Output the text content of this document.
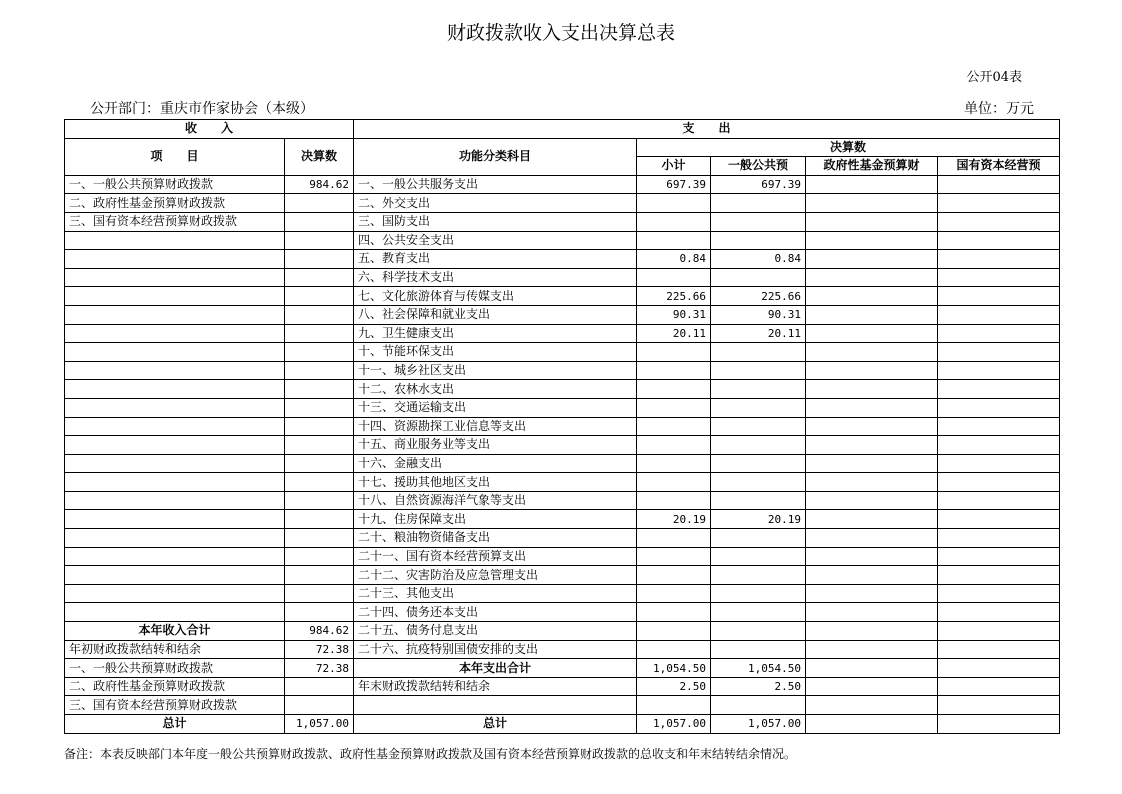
财政拨款收入支出决算总表
公开04表
公开部门：重庆市作家协会（本级）	单位：万元
收　　入		支　　出				
项　　目	决算数	功能分类科目	决算数			
			小计	一般公共预	政府性基金预算财	国有资本经营预
一、一般公共预算财政拨款	984.62	一、一般公共服务支出	697.39	697.39		
二、政府性基金预算财政拨款		二、外交支出				
三、国有资本经营预算财政拨款		三、国防支出				
		四、公共安全支出				
		五、教育支出	0.84	0.84		
		六、科学技术支出				
		七、文化旅游体育与传媒支出	225.66	225.66		
		八、社会保障和就业支出	90.31	90.31		
		九、卫生健康支出	20.11	20.11		
		十、节能环保支出				
		十一、城乡社区支出				
		十二、农林水支出				
		十三、交通运输支出				
		十四、资源勘探工业信息等支出				
		十五、商业服务业等支出				
		十六、金融支出				
		十七、援助其他地区支出				
		十八、自然资源海洋气象等支出				
		十九、住房保障支出	20.19	20.19		
		二十、粮油物资储备支出				
		二十一、国有资本经营预算支出				
		二十二、灾害防治及应急管理支出				
		二十三、其他支出				
		二十四、债务还本支出				
本年收入合计	984.62	二十五、债务付息支出				
年初财政拨款结转和结余	72.38	二十六、抗疫特别国债安排的支出				
一、一般公共预算财政拨款	72.38	本年支出合计	1,054.50	1,054.50		
二、政府性基金预算财政拨款		年末财政拨款结转和结余	2.50	2.50		
三、国有资本经营预算财政拨款						
总计	1,057.00	总计	1,057.00	1,057.00		
备注：本表反映部门本年度一般公共预算财政拨款、政府性基金预算财政拨款及国有资本经营预算财政拨款的总收支和年末结转结余情况。
